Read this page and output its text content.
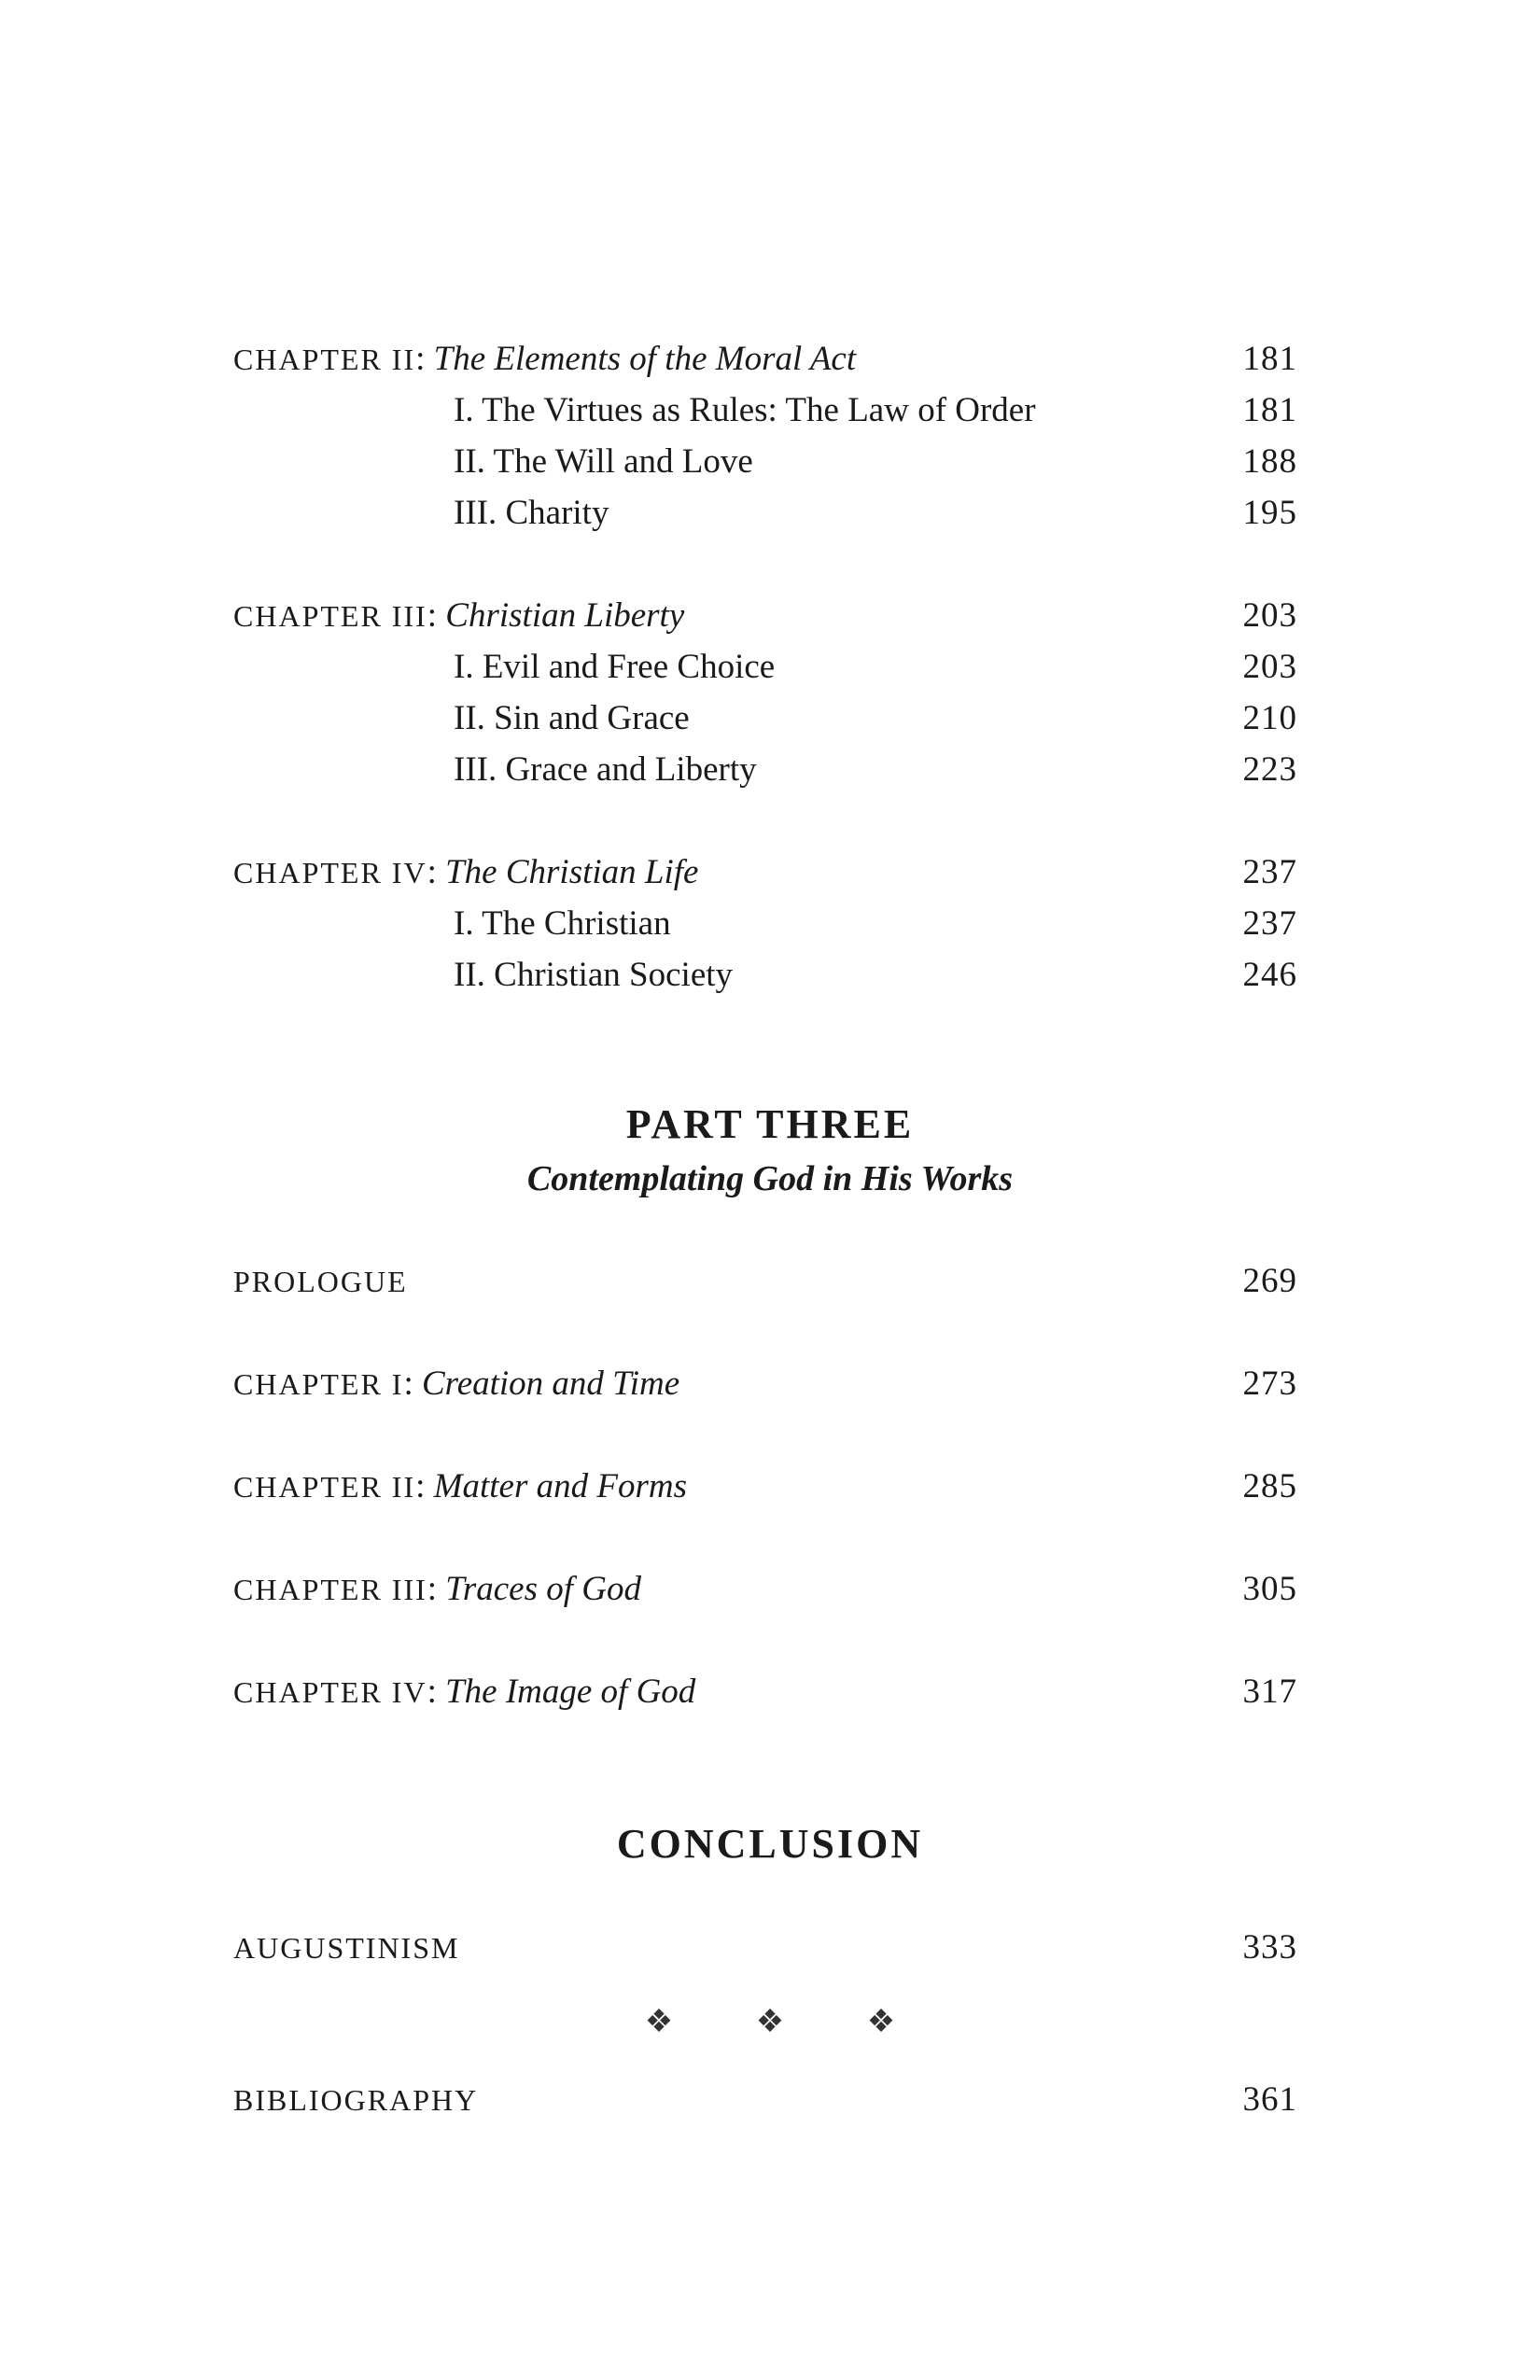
CHAPTER II: The Elements of the Moral Act	181
I. The Virtues as Rules: The Law of Order	181
II. The Will and Love	188
III. Charity	195
CHAPTER III: Christian Liberty	203
I. Evil and Free Choice	203
II. Sin and Grace	210
III. Grace and Liberty	223
CHAPTER IV: The Christian Life	237
I. The Christian	237
II. Christian Society	246
PART THREE
Contemplating God in His Works
PROLOGUE	269
CHAPTER I: Creation and Time	273
CHAPTER II: Matter and Forms	285
CHAPTER III: Traces of God	305
CHAPTER IV: The Image of God	317
CONCLUSION
AUGUSTINISM	333
❖	❖	❖
BIBLIOGRAPHY	361
